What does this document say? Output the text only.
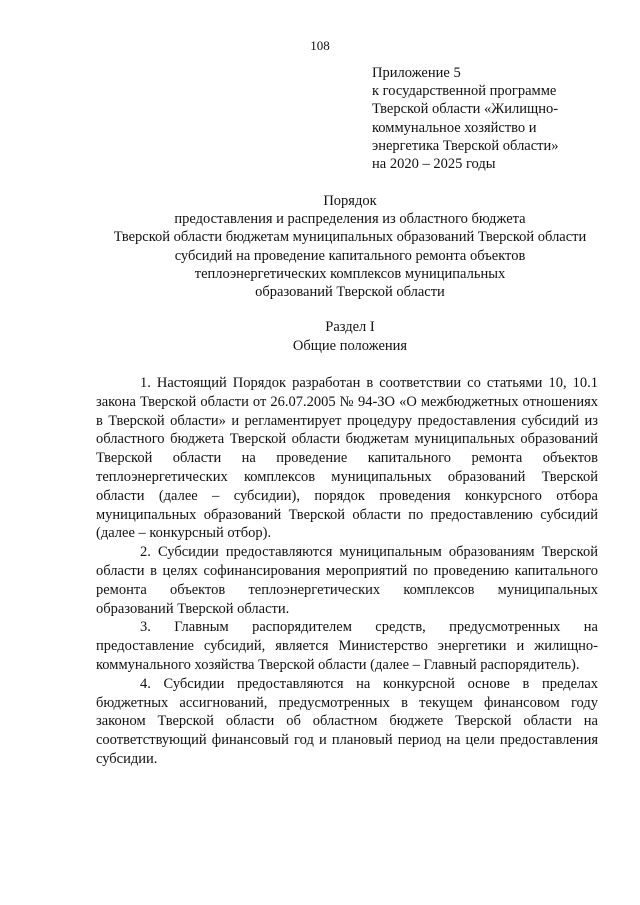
108
Приложение 5
к государственной программе
Тверской области «Жилищно-
коммунальное хозяйство и
энергетика Тверской области»
на 2020 – 2025 годы
Порядок
предоставления и распределения из областного бюджета
Тверской области бюджетам муниципальных образований Тверской области
субсидий на проведение капитального ремонта объектов
теплоэнергетических комплексов муниципальных
образований Тверской области
Раздел I
Общие положения

1. Настоящий Порядок разработан в соответствии со статьями 10, 10.1 закона Тверской области от 26.07.2005 № 94-ЗО «О межбюджетных отношениях в Тверской области» и регламентирует процедуру предоставления субсидий из областного бюджета Тверской области бюджетам муниципальных образований Тверской области на проведение капитального ремонта объектов теплоэнергетических комплексов муниципальных образований Тверской области (далее – субсидии), порядок проведения конкурсного отбора муниципальных образований Тверской области по предоставлению субсидий (далее – конкурсный отбор).

2. Субсидии предоставляются муниципальным образованиям Тверской области в целях софинансирования мероприятий по проведению капитального ремонта объектов теплоэнергетических комплексов муниципальных образований Тверской области.

3. Главным распорядителем средств, предусмотренных на предоставление субсидий, является Министерство энергетики и жилищно-коммунального хозяйства Тверской области (далее – Главный распорядитель).

4. Субсидии предоставляются на конкурсной основе в пределах бюджетных ассигнований, предусмотренных в текущем финансовом году законом Тверской области об областном бюджете Тверской области на соответствующий финансовый год и плановый период на цели предоставления субсидии.
